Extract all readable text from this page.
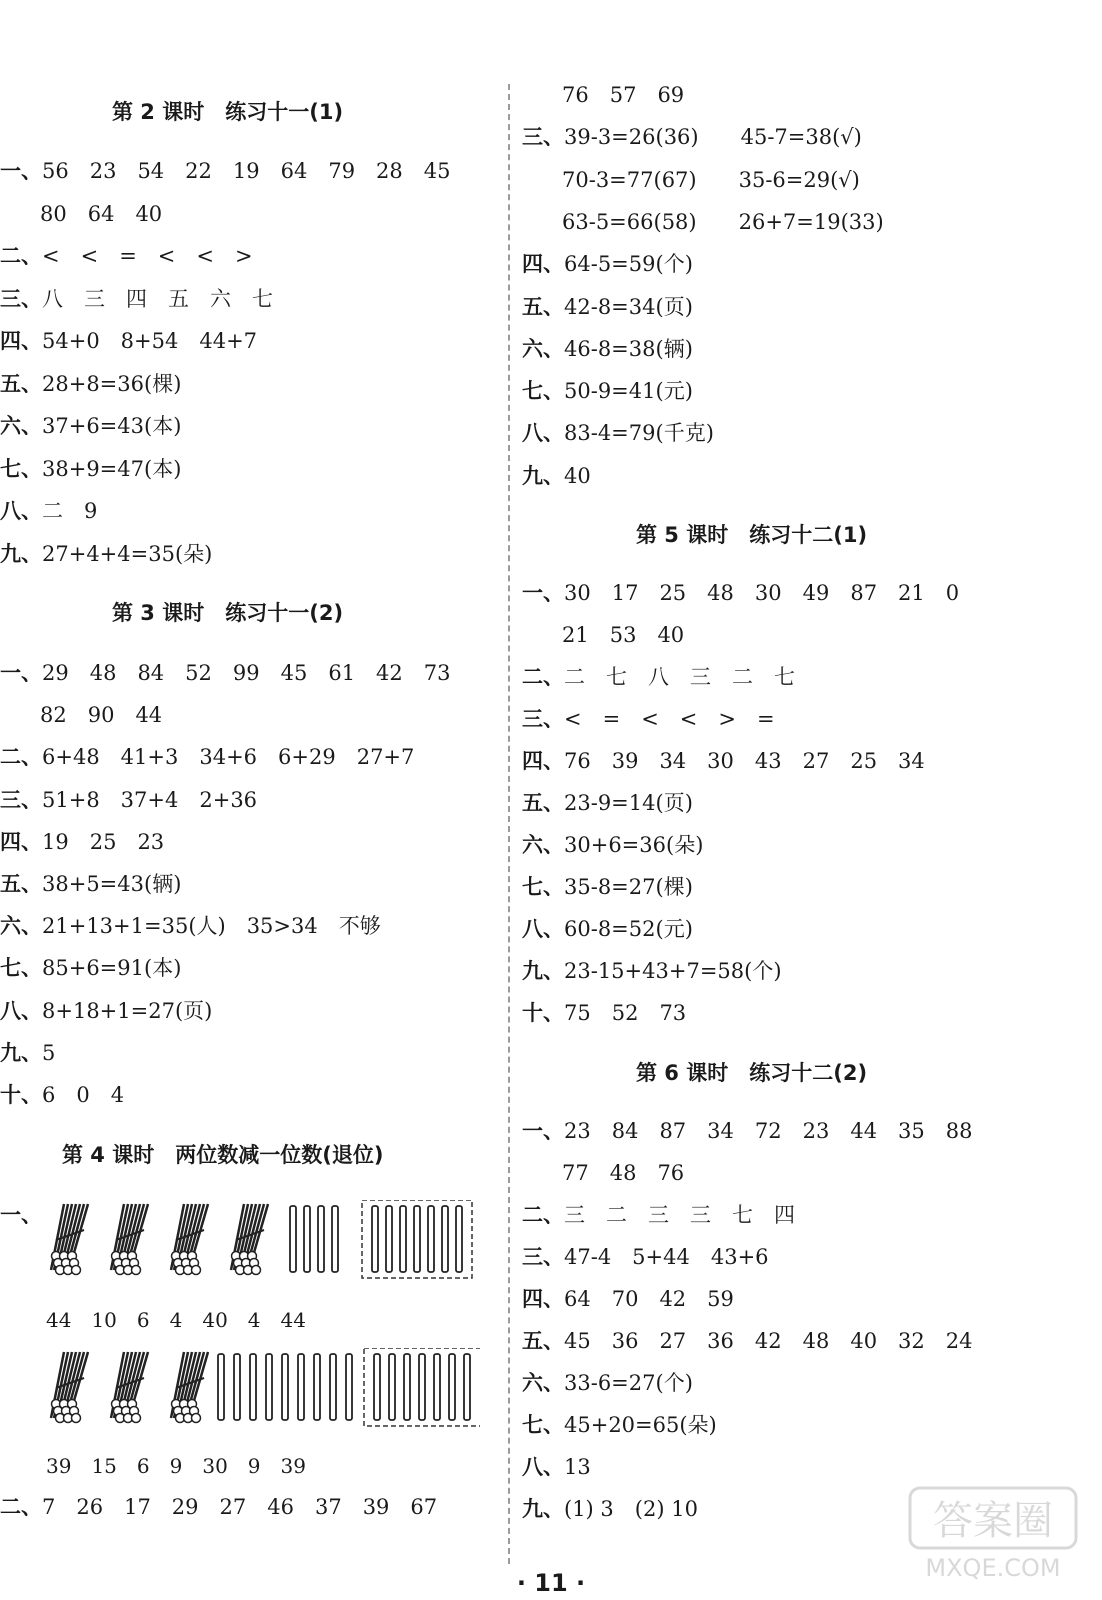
第 2 课时　练习十一(1)
一、56　23　54　22　19　64　79　28　45
80　64　40
二、<　<　=　<　<　>
三、八　三　四　五　六　七
四、54+0　8+54　44+7
五、28+8=36(棵)
六、37+6=43(本)
七、38+9=47(本)
八、二　9
九、27+4+4=35(朵)
第 3 课时　练习十一(2)
一、29　48　84　52　99　45　61　42　73
82　90　44
二、6+48　41+3　34+6　6+29　27+7
三、51+8　37+4　2+36
四、19　25　23
五、38+5=43(辆)
六、21+13+1=35(人)　35>34　不够
七、85+6=91(本)
八、8+18+1=27(页)
九、5
十、6　0　4
第 4 课时　两位数减一位数(退位)
一、
44　10　6　4　40　4　44
39　15　6　9　30　9　39
二、7　26　17　29　27　46　37　39　67
76　57　69
三、39-3=26(36)　　45-7=38(√)
70-3=77(67)　　35-6=29(√)
63-5=66(58)　　26+7=19(33)
四、64-5=59(个)
五、42-8=34(页)
六、46-8=38(辆)
七、50-9=41(元)
八、83-4=79(千克)
九、40
第 5 课时　练习十二(1)
一、30　17　25　48　30　49　87　21　0
21　53　40
二、二　七　八　三　二　七
三、<　=　<　<　>　=
四、76　39　34　30　43　27　25　34
五、23-9=14(页)
六、30+6=36(朵)
七、35-8=27(棵)
八、60-8=52(元)
九、23-15+43+7=58(个)
十、75　52　73
第 6 课时　练习十二(2)
一、23　84　87　34　72　23　44　35　88
77　48　76
二、三　二　三　三　七　四
三、47-4　5+44　43+6
四、64　70　42　59
五、45　36　27　36　42　48　40　32　24
六、33-6=27(个)
七、45+20=65(朵)
八、13
九、(1) 3　(2) 10
· 11 ·
答案圈
MXQE.COM
